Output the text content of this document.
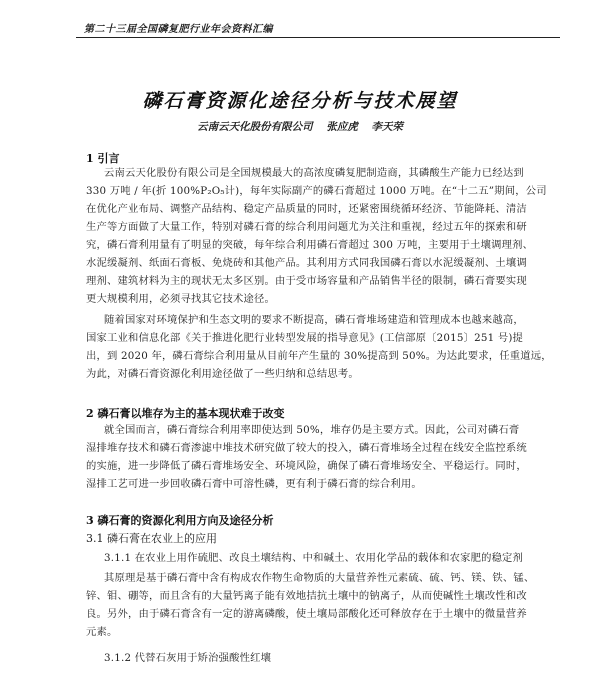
第二十三届全国磷复肥行业年会资料汇编
磷石膏资源化途径分析与技术展望
云南云天化股份有限公司 张应虎 李天荣
1 引言
云南云天化股份有限公司是全国规模最大的高浓度磷复肥制造商，其磷酸生产能力已经达到
330 万吨 / 年(折 100%P₂O₅计)，每年实际副产的磷石膏超过 1000 万吨。在“十二五”期间，公司
在优化产业布局、调整产品结构、稳定产品质量的同时，还紧密围绕循环经济、节能降耗、清洁
生产等方面做了大量工作，特别对磷石膏的综合利用问题尤为关注和重视，经过五年的探索和研
究，磷石膏利用量有了明显的突破，每年综合利用磷石膏超过 300 万吨，主要用于土壤调理剂、
水泥缓凝剂、纸面石膏板、免烧砖和其他产品。其利用方式同我国磷石膏以水泥缓凝剂、土壤调
理剂、建筑材料为主的现状无太多区别。由于受市场容量和产品销售半径的限制，磷石膏要实现
更大规模利用，必须寻找其它技术途径。
随着国家对环境保护和生态文明的要求不断提高，磷石膏堆场建造和管理成本也越来越高，
国家工业和信息化部《关于推进化肥行业转型发展的指导意见》(工信部原〔2015〕251 号)提
出，到 2020 年，磷石膏综合利用量从目前年产生量的 30%提高到 50%。为达此要求，任重道远，
为此，对磷石膏资源化利用途径做了一些归纳和总结思考。
2 磷石膏以堆存为主的基本现状难于改变
就全国而言，磷石膏综合利用率即使达到 50%，堆存仍是主要方式。因此，公司对磷石膏
湿排堆存技术和磷石膏渗滤中堆技术研究做了较大的投入，磷石膏堆场全过程在线安全监控系统
的实施，进一步降低了磷石膏堆场安全、环境风险，确保了磷石膏堆场安全、平稳运行。同时，
湿排工艺可进一步回收磷石膏中可溶性磷，更有利于磷石膏的综合利用。
3 磷石膏的资源化利用方向及途径分析
3.1 磷石膏在农业上的应用
3.1.1 在农业上用作硫肥、改良土壤结构、中和碱土、农用化学品的载体和农家肥的稳定剂
其原理是基于磷石膏中含有构成农作物生命物质的大量营养性元素硫、硫、钙、镁、铁、锰、
锌、钼、硼等，而且含有的大量钙离子能有效地拮抗土壤中的钠离子，从而使碱性土壤改性和改
良。另外，由于磷石膏含有一定的游离磷酸，使土壤局部酸化还可释放存在于土壤中的微量营养
元素。
3.1.2 代替石灰用于矫治强酸性红壤
